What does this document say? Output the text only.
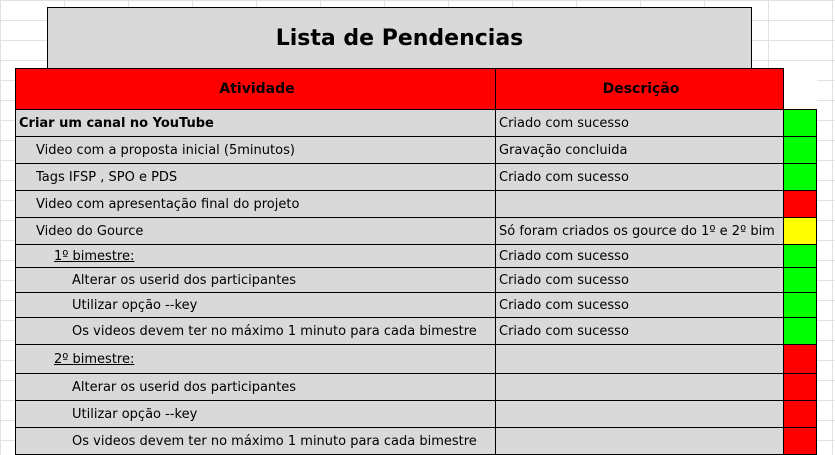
Lista de Pendencias
Atividade	Descrição	
Criar um canal no YouTube	Criado com sucesso	
Video com a proposta inicial (5minutos)	Gravação concluida	
Tags IFSP , SPO e PDS	Criado com sucesso	
Video com apresentação final do projeto		
Video do Gource	Só foram criados os gource do 1º e 2º bim	
1º bimestre:	Criado com sucesso	
Alterar os userid dos participantes	Criado com sucesso	
Utilizar opção --key	Criado com sucesso	
Os videos devem ter no máximo 1 minuto para cada bimestre	Criado com sucesso	
2º bimestre:		
Alterar os userid dos participantes		
Utilizar opção --key		
Os videos devem ter no máximo 1 minuto para cada bimestre		
